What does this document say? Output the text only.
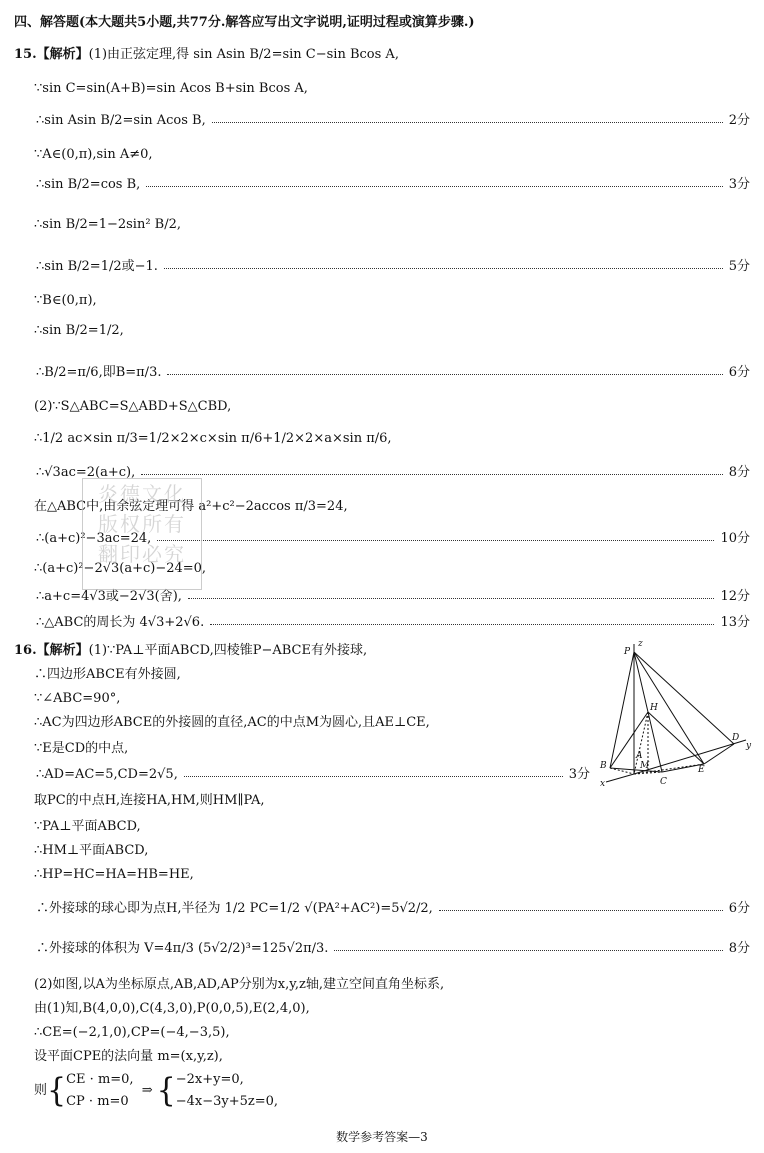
四、解答题(本大题共5小题,共77分.解答应写出文字说明,证明过程或演算步骤.)
15.【解析】(1)由正弦定理,得 sin Asin B/2=sin C−sin Bcos A,
∵sin C=sin(A+B)=sin Acos B+sin Bcos A,
∴sin Asin B/2=sin Acos B,	2分
∵A∈(0,π),sin A≠0,
∴sin B/2=cos B,	3分
∴sin B/2=1−2sin² B/2,
∴sin B/2=1/2或−1.	5分
∵B∈(0,π),
∴sin B/2=1/2,
∴B/2=π/6,即B=π/3.	6分
(2)∵S△ABC=S△ABD+S△CBD,
∴1/2 ac×sin π/3=1/2×2×c×sin π/6+1/2×2×a×sin π/6,
∴√3ac=2(a+c),	8分
在△ABC中,由余弦定理可得 a²+c²−2accos π/3=24,
∴(a+c)²−3ac=24,	10分
∴(a+c)²−2√3(a+c)−24=0,
∴a+c=4√3或−2√3(舍),	12分
∴△ABC的周长为 4√3+2√6.	13分
炎德文化
版权所有
翻印必究
16.【解析】(1)∵PA⊥平面ABCD,四棱锥P−ABCE有外接球,
∴四边形ABCE有外接圆,
∵∠ABC=90°,
∴AC为四边形ABCE的外接圆的直径,AC的中点M为圆心,且AE⊥CE,
∵E是CD的中点,
∴AD=AC=5,CD=2√5,	3分
取PC的中点H,连接HA,HM,则HM∥PA,
∵PA⊥平面ABCD,
∴HM⊥平面ABCD,
∴HP=HC=HA=HB=HE,
∴外接球的球心即为点H,半径为 1/2 PC=1/2 √(PA²+AC²)=5√2/2,	6分
∴外接球的体积为 V=4π/3 (5√2/2)³=125√2π/3.	8分
(2)如图,以A为坐标原点,AB,AD,AP分别为x,y,z轴,建立空间直角坐标系,
由(1)知,B(4,0,0),C(4,3,0),P(0,0,5),E(2,4,0),
∴CE=(−2,1,0),CP=(−4,−3,5),
设平面CPE的法向量 m=(x,y,z),
则{ CE · m=0,
CP · m=0
⇒ { −2x+y=0,
−4x−3y+5z=0,
P
z
H
A
M
B
C
E
D
y
x
数学参考答案—3
